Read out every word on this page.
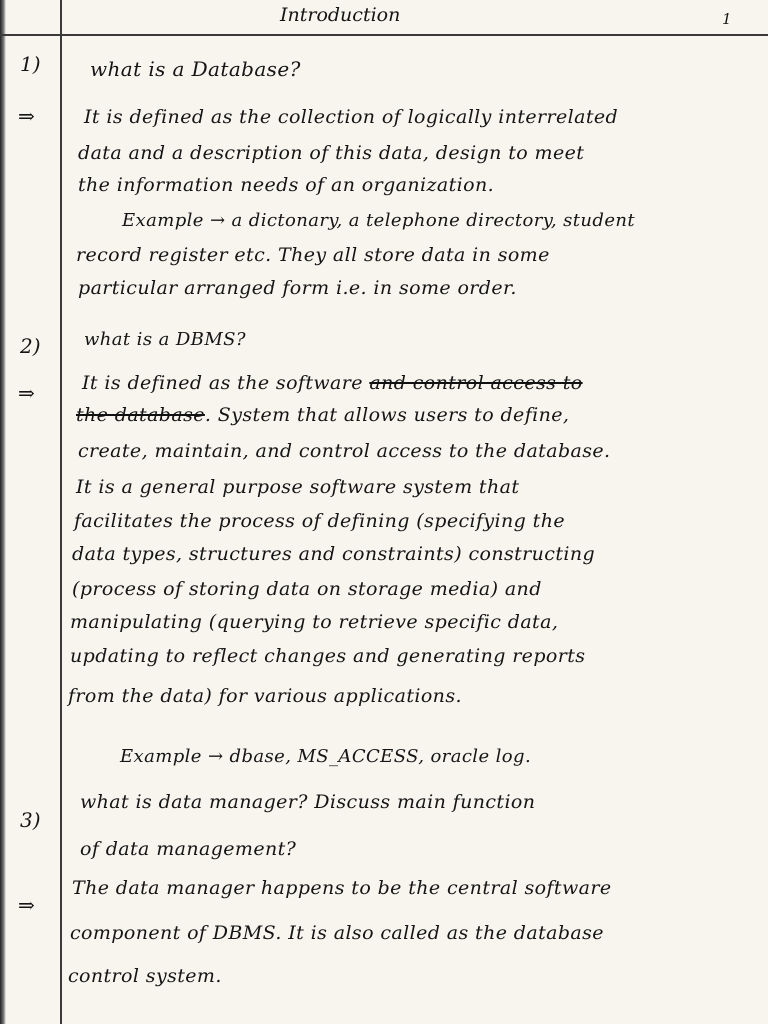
Introduction	1
1) what is a Database?
⇒	It is defined as the collection of logically interrelated
data and a description of this data, design to meet
the information needs of an organization.
Example → a dictonary, a telephone directory, student
record register etc. They all store data in some
particular arranged form i.e. in some order.
2) what is a DBMS?
⇒ It is defined as the software and control access to
the database. System that allows users to define,
create, maintain, and control access to the database.
It is a general purpose software system that
facilitates the process of defining (specifying the
data types, structures and constraints) constructing
(process of storing data on storage media) and
manipulating (querying to retrieve specific data,
updating to reflect changes and generating reports
from the data) for various applications.
Example → dbase, MS_ACCESS, oracle log.
3)
what is data manager? Discuss main function
of data management?
⇒
The data manager happens to be the central software
component of DBMS. It is also called as the database
control system.
